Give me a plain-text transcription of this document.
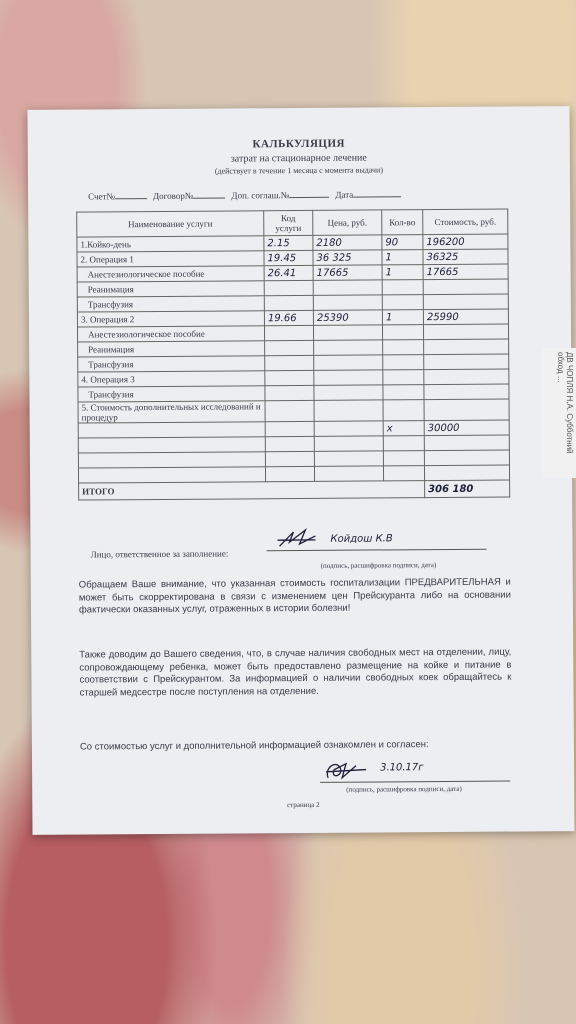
КАЛЬКУЛЯЦИЯ
затрат на стационарное лечение
(действует в течение 1 месяца с момента выдачи)
Счет№	Договор№	Доп. соглаш.№	Дата
Наименование услуги	Код услуги	Цена, руб.	Кол-во	Стоимость, руб.
1.Койко-день	2.15	2180	90	196200
2. Операция 1	19.45	36 325	1	36325
Анестезиологическое пособие	26.41	17665	1	17665
Реанимация				
Трансфузия				
3. Операция 2	19.66	25390	1	25990
Анестезиологическое пособие				
Реанимация				
Трансфузия				
4. Операция 3				
Трансфузия				
5. Стоимость дополнительных исследований и процедур				
			x	30000

ИТОГО				306 180
Лицо, ответственное за заполнение:
Койдош К.В
(подпись, расшифровка подписи, дата)
Обращаем Ваше внимание, что указанная стоимость госпитализации ПРЕДВАРИТЕЛЬНАЯ и может быть скорректирована в связи с изменением цен Прейскуранта либо на основании фактически оказанных услуг, отраженных в истории болезни!
Также доводим до Вашего сведения, что, в случае наличия свободных мест на отделении, лицу, сопровождающему ребенка, может быть предоставлено размещение на койке и питание в соответствии с Прейскурантом. За информацией о наличии свободных коек обращайтесь к старшей медсестре после поступления на отделение.
Со стоимостью услуг и дополнительной информацией ознакомлен и согласен:
3.10.17г
(подпись, расшифровка подписи, дата)
страница 2
ДВ ЧОПЛЯ Н.А. Субботний обход ...
